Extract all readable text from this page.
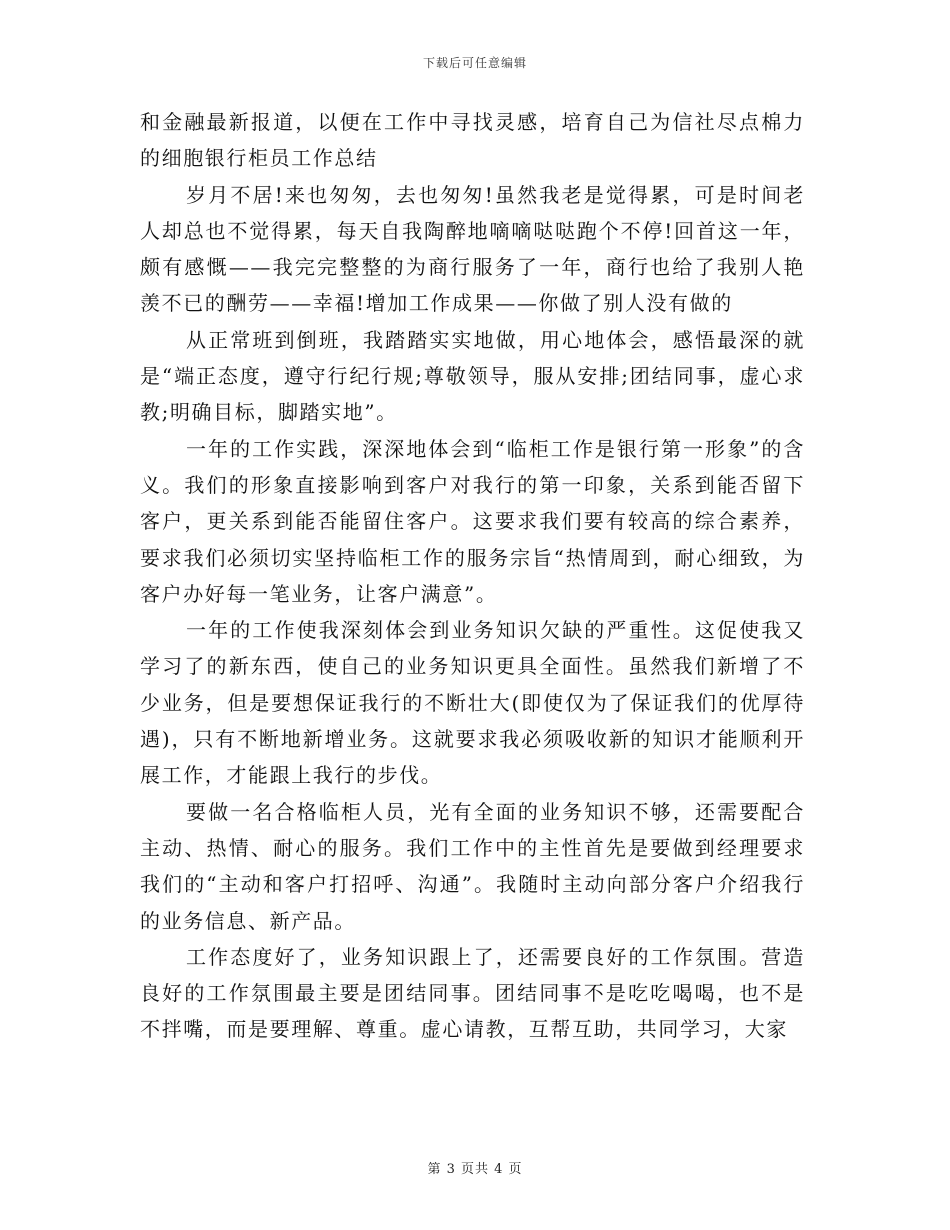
下载后可任意编辑

和金融最新报道，以便在工作中寻找灵感，培育自己为信社尽点棉力的细胞银行柜员工作总结

岁月不居!来也匆匆，去也匆匆!虽然我老是觉得累，可是时间老人却总也不觉得累，每天自我陶醉地嘀嘀哒哒跑个不停!回首这一年，颇有感慨——我完完整整的为商行服务了一年，商行也给了我别人艳羡不已的酬劳——幸福!增加工作成果——你做了别人没有做的

从正常班到倒班，我踏踏实实地做，用心地体会，感悟最深的就是“端正态度，遵守行纪行规;尊敬领导，服从安排;团结同事，虚心求教;明确目标，脚踏实地”。

一年的工作实践，深深地体会到“临柜工作是银行第一形象”的含义。我们的形象直接影响到客户对我行的第一印象，关系到能否留下客户，更关系到能否能留住客户。这要求我们要有较高的综合素养，要求我们必须切实坚持临柜工作的服务宗旨“热情周到，耐心细致，为客户办好每一笔业务，让客户满意”。

一年的工作使我深刻体会到业务知识欠缺的严重性。这促使我又学习了的新东西，使自己的业务知识更具全面性。虽然我们新增了不少业务，但是要想保证我行的不断壮大(即使仅为了保证我们的优厚待遇)，只有不断地新增业务。这就要求我必须吸收新的知识才能顺利开展工作，才能跟上我行的步伐。

要做一名合格临柜人员，光有全面的业务知识不够，还需要配合主动、热情、耐心的服务。我们工作中的主性首先是要做到经理要求我们的“主动和客户打招呼、沟通”。我随时主动向部分客户介绍我行的业务信息、新产品。

工作态度好了，业务知识跟上了，还需要良好的工作氛围。营造良好的工作氛围最主要是团结同事。团结同事不是吃吃喝喝，也不是不拌嘴，而是要理解、尊重。虚心请教，互帮互助，共同学习，大家

第 3 页共 4 页
